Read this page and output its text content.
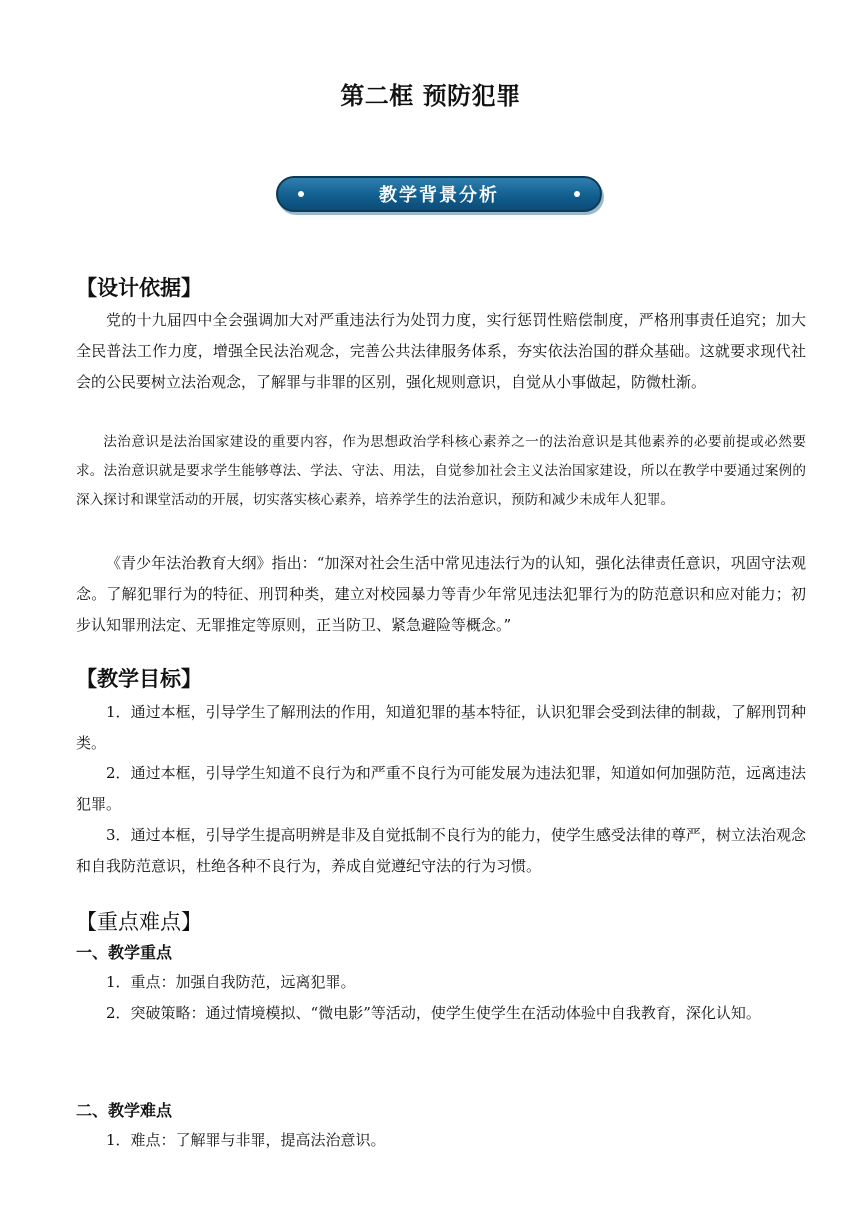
第二框 预防犯罪
教学背景分析
【设计依据】

党的十九届四中全会强调加大对严重违法行为处罚力度，实行惩罚性赔偿制度，严格刑事责任追究；加大全民普法工作力度，增强全民法治观念，完善公共法律服务体系，夯实依法治国的群众基础。这就要求现代社会的公民要树立法治观念，了解罪与非罪的区别，强化规则意识，自觉从小事做起，防微杜渐。

法治意识是法治国家建设的重要内容，作为思想政治学科核心素养之一的法治意识是其他素养的必要前提或必然要求。法治意识就是要求学生能够尊法、学法、守法、用法，自觉参加社会主义法治国家建设，所以在教学中要通过案例的深入探讨和课堂活动的开展，切实落实核心素养，培养学生的法治意识，预防和减少未成年人犯罪。

《青少年法治教育大纲》指出：“加深对社会生活中常见违法行为的认知，强化法律责任意识，巩固守法观念。了解犯罪行为的特征、刑罚种类，建立对校园暴力等青少年常见违法犯罪行为的防范意识和应对能力；初步认知罪刑法定、无罪推定等原则，正当防卫、紧急避险等概念。”

【教学目标】

1．通过本框，引导学生了解刑法的作用，知道犯罪的基本特征，认识犯罪会受到法律的制裁，了解刑罚种类。

2．通过本框，引导学生知道不良行为和严重不良行为可能发展为违法犯罪，知道如何加强防范，远离违法犯罪。

3．通过本框，引导学生提高明辨是非及自觉抵制不良行为的能力，使学生感受法律的尊严，树立法治观念和自我防范意识，杜绝各种不良行为，养成自觉遵纪守法的行为习惯。

【重点难点】
一、教学重点

1．重点：加强自我防范，远离犯罪。

2．突破策略：通过情境模拟、“微电影”等活动，使学生使学生在活动体验中自我教育，深化认知。

二、教学难点

1．难点：了解罪与非罪，提高法治意识。
